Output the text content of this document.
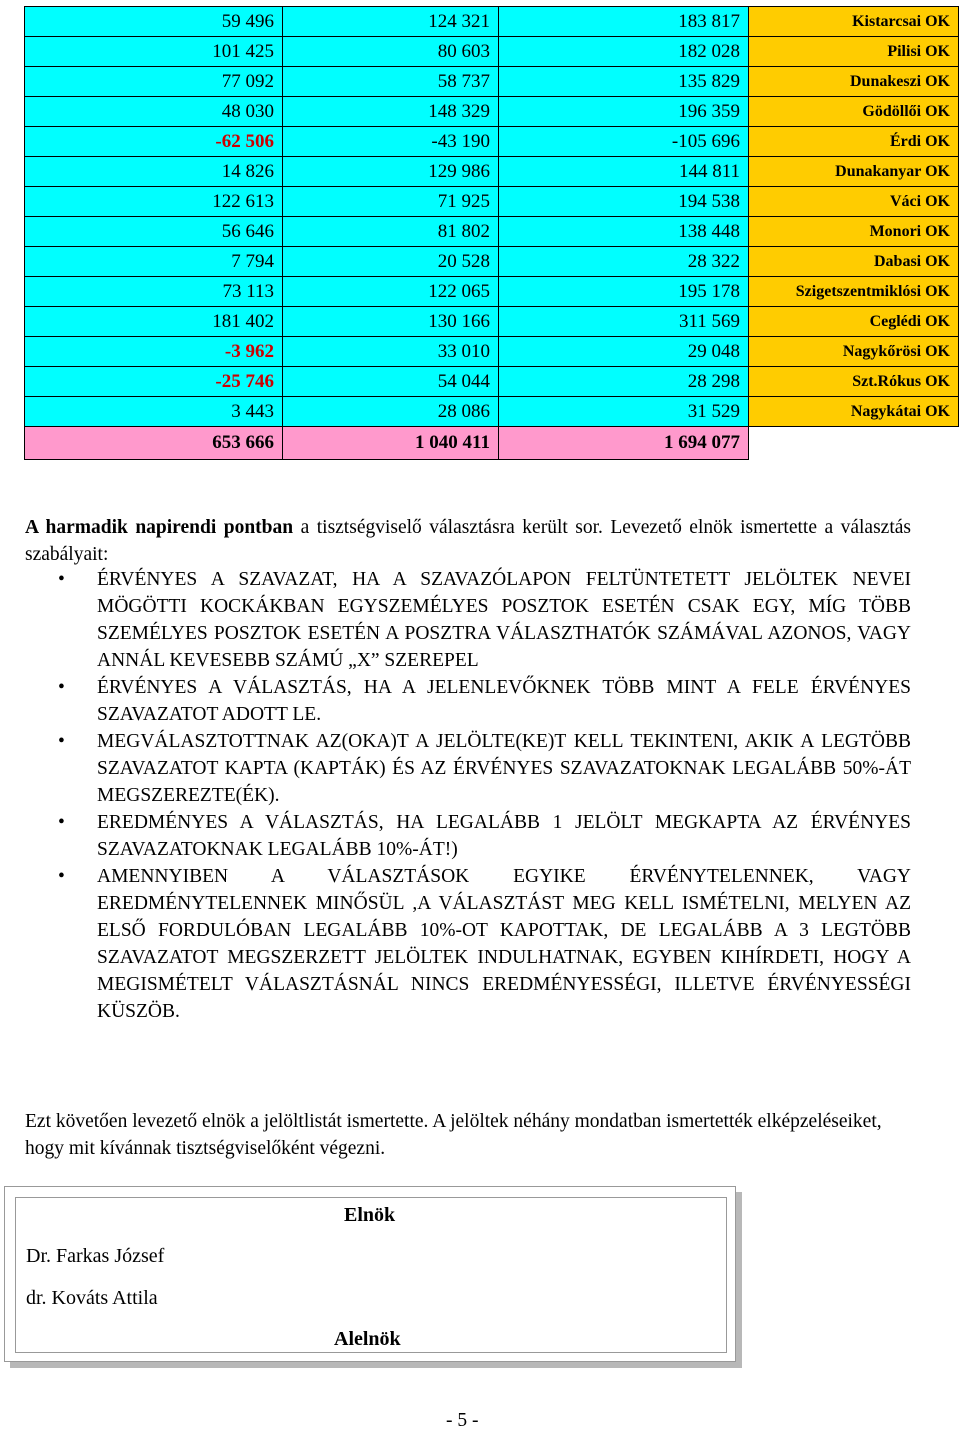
59 496	124 321	183 817	Kistarcsai OK
101 425	80 603	182 028	Pilisi OK
77 092	58 737	135 829	Dunakeszi OK
48 030	148 329	196 359	Gödöllői OK
-62 506	-43 190	-105 696	Érdi OK
14 826	129 986	144 811	Dunakanyar OK
122 613	71 925	194 538	Váci OK
56 646	81 802	138 448	Monori OK
7 794	20 528	28 322	Dabasi OK
73 113	122 065	195 178	Szigetszentmiklósi OK
181 402	130 166	311 569	Ceglédi OK
-3 962	33 010	29 048	Nagykőrösi OK
-25 746	54 044	28 298	Szt.Rókus OK
3 443	28 086	31 529	Nagykátai OK
653 666	1 040 411	1 694 077	
A harmadik napirendi pontban a tisztségviselő választásra került sor. Levezető elnök ismertette a választás szabályait:
• ÉRVÉNYES A SZAVAZAT, HA A SZAVAZÓLAPON FELTÜNTETETT JELÖLTEK NEVEI MÖGÖTTI KOCKÁKBAN EGYSZEMÉLYES POSZTOK ESETÉN CSAK EGY, MÍG TÖBB SZEMÉLYES POSZTOK ESETÉN A POSZTRA VÁLASZTHATÓK SZÁMÁVAL AZONOS, VAGY ANNÁL KEVESEBB SZÁMÚ „X” SZEREPEL
• ÉRVÉNYES A VÁLASZTÁS, HA A JELENLEVŐKNEK TÖBB MINT A FELE ÉRVÉNYES SZAVAZATOT ADOTT LE.
• MEGVÁLASZTOTTNAK AZ(OKA)T A JELÖLTE(KE)T KELL TEKINTENI, AKIK A LEGTÖBB SZAVAZATOT KAPTA (KAPTÁK) ÉS AZ ÉRVÉNYES SZAVAZATOKNAK LEGALÁBB 50%-ÁT MEGSZEREZTE(ÉK).
• EREDMÉNYES A VÁLASZTÁS, HA LEGALÁBB 1 JELÖLT MEGKAPTA AZ ÉRVÉNYES SZAVAZATOKNAK LEGALÁBB 10%-ÁT!)
• AMENNYIBEN A VÁLASZTÁSOK EGYIKE ÉRVÉNYTELENNEK, VAGY EREDMÉNYTELENNEK MINŐSÜL ,A VÁLASZTÁST MEG KELL ISMÉTELNI, MELYEN AZ ELSŐ FORDULÓBAN LEGALÁBB 10%-OT KAPOTTAK, DE LEGALÁBB A 3 LEGTÖBB SZAVAZATOT MEGSZERZETT JELÖLTEK INDULHATNAK, EGYBEN KIHÍRDETI, HOGY A MEGISMÉTELT VÁLASZTÁSNÁL NINCS EREDMÉNYESSÉGI, ILLETVE ÉRVÉNYESSÉGI KÜSZÖB.
Ezt követően levezető elnök a jelöltlistát ismertette. A jelöltek néhány mondatban ismertették elképzeléseiket, hogy mit kívánnak tisztségviselőként végezni.
Elnök
Dr. Farkas József
dr. Kováts Attila
Alelnök
- 5 -
